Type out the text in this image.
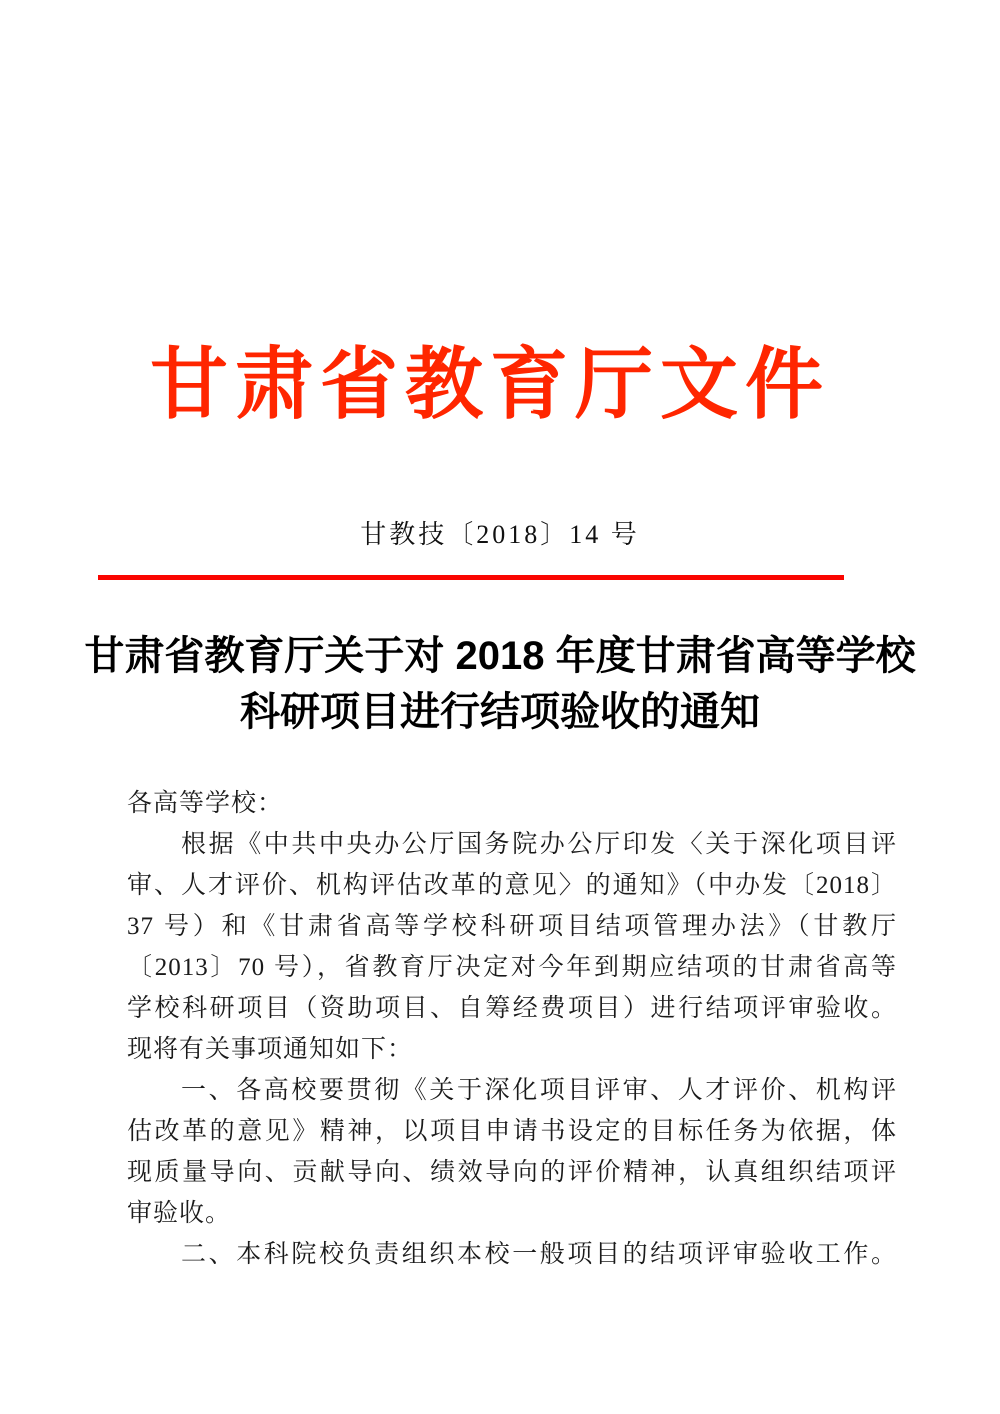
甘肃省教育厅文件
甘教技〔2018〕14 号
甘肃省教育厅关于对 2018 年度甘肃省高等学校
科研项目进行结项验收的通知
各高等学校：
根据《中共中央办公厅国务院办公厅印发〈关于深化项目评
审、人才评价、机构评估改革的意见〉的通知》（中办发〔2018〕
37 号）和《甘肃省高等学校科研项目结项管理办法》（甘教厅
〔2013〕70 号），省教育厅决定对今年到期应结项的甘肃省高等
学校科研项目（资助项目、自筹经费项目）进行结项评审验收。
现将有关事项通知如下：
一、各高校要贯彻《关于深化项目评审、人才评价、机构评
估改革的意见》精神，以项目申请书设定的目标任务为依据，体
现质量导向、贡献导向、绩效导向的评价精神，认真组织结项评
审验收。
二、本科院校负责组织本校一般项目的结项评审验收工作。
